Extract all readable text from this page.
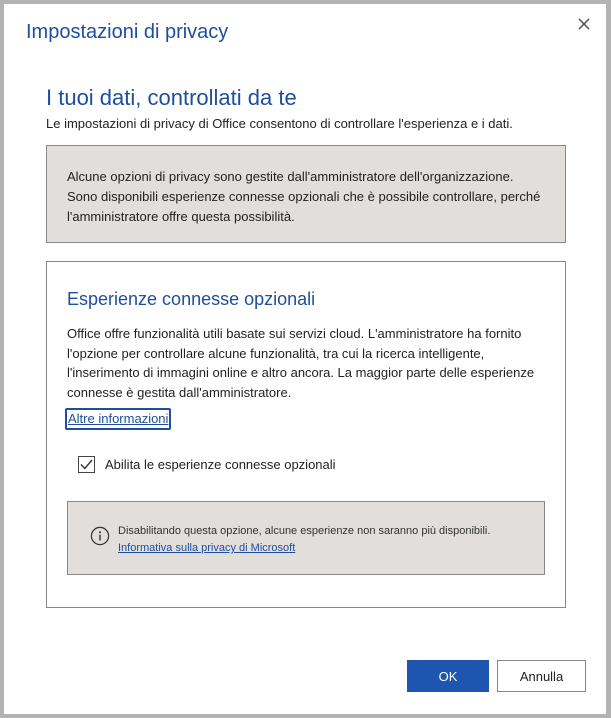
Impostazioni di privacy
I tuoi dati, controllati da te

Le impostazioni di privacy di Office consentono di controllare l'esperienza e i dati.

Alcune opzioni di privacy sono gestite dall'amministratore dell'organizzazione. Sono disponibili esperienze connesse opzionali che è possibile controllare, perché l'amministratore offre questa possibilità.
Esperienze connesse opzionali

Office offre funzionalità utili basate sui servizi cloud. L'amministratore ha fornito l'opzione per controllare alcune funzionalità, tra cui la ricerca intelligente, l'inserimento di immagini online e altro ancora. La maggior parte delle esperienze connesse è gestita dall'amministratore.

Altre informazioni
Abilita le esperienze connesse opzionali
Disabilitando questa opzione, alcune esperienze non saranno più disponibili.
Informativa sulla privacy di Microsoft
OK	Annulla
